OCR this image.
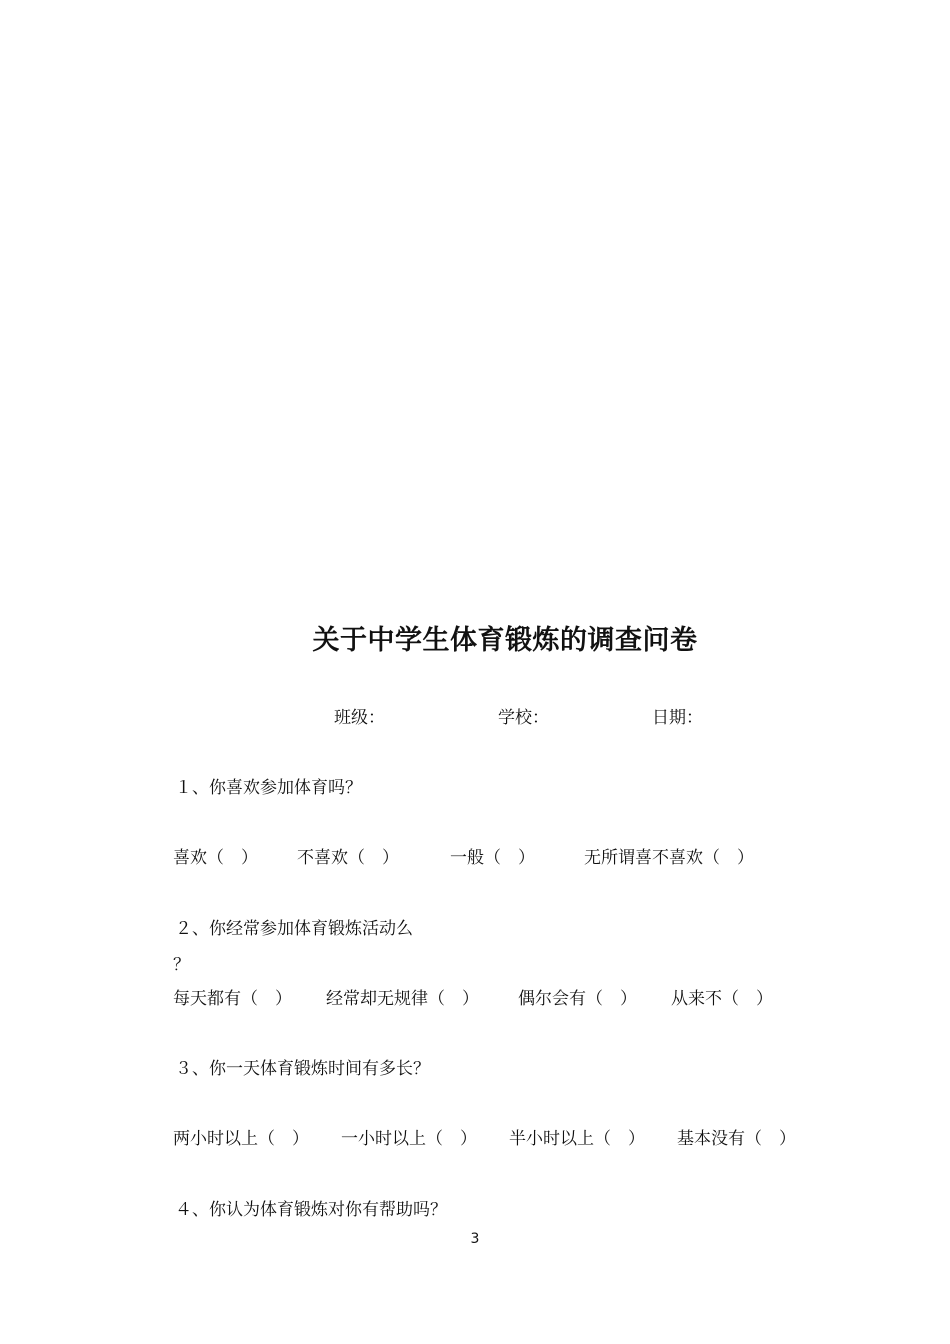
关于中学生体育锻炼的调查问卷
班级：	学校：	日期：
１、你喜欢参加体育吗？
喜欢（　） 不喜欢（　）	一般（　）	无所谓喜不喜欢（　）
２、你经常参加体育锻炼活动么
？
每天都有（　） 经常却无规律（　） 偶尔会有（　） 从来不（　）
３、你一天体育锻炼时间有多长？
两小时以上（　） 一小时以上（　） 半小时以上（　） 基本没有（　）
４、你认为体育锻炼对你有帮助吗？
3
